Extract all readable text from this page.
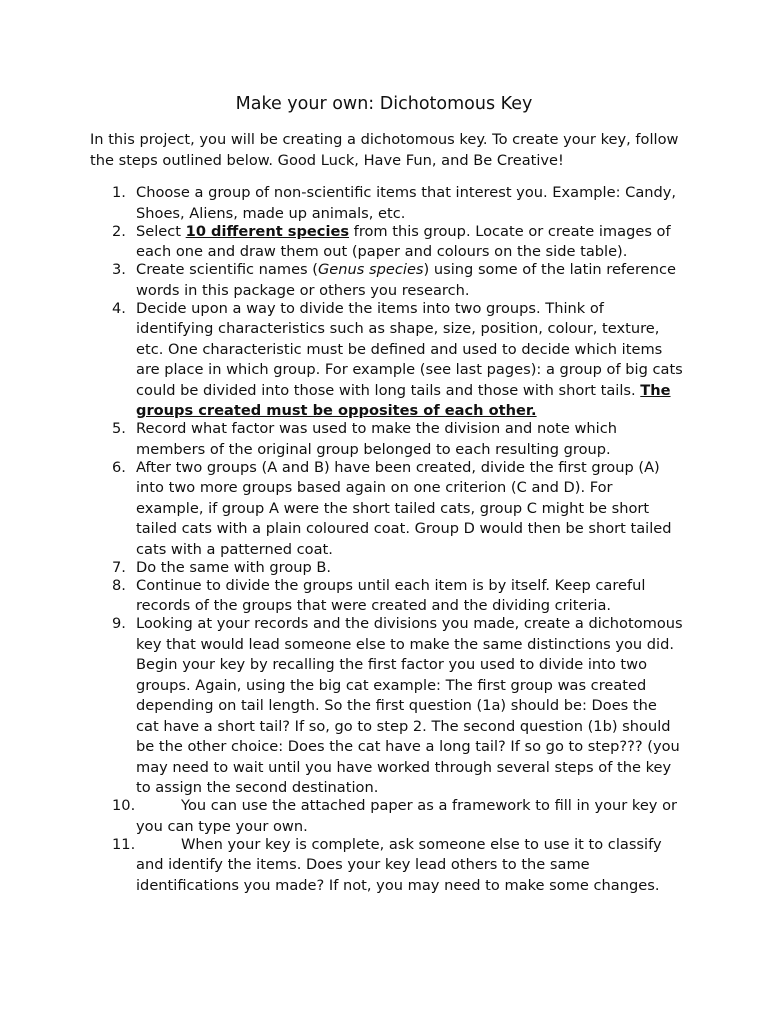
Make your own: Dichotomous Key

In this project, you will be creating a dichotomous key. To create your key, follow the steps outlined below. Good Luck, Have Fun, and Be Creative!

1. Choose a group of non-scientific items that interest you. Example: Candy, Shoes, Aliens, made up animals, etc.
2. Select 10 different species from this group. Locate or create images of each one and draw them out (paper and colours on the side table).
3. Create scientific names (Genus species) using some of the latin reference words in this package or others you research.
4. Decide upon a way to divide the items into two groups. Think of identifying characteristics such as shape, size, position, colour, texture, etc. One characteristic must be defined and used to decide which items are place in which group. For example (see last pages): a group of big cats could be divided into those with long tails and those with short tails. The groups created must be opposites of each other.
5. Record what factor was used to make the division and note which members of the original group belonged to each resulting group.
6. After two groups (A and B) have been created, divide the first group (A) into two more groups based again on one criterion (C and D). For example, if group A were the short tailed cats, group C might be short tailed cats with a plain coloured coat. Group D would then be short tailed cats with a patterned coat.
7. Do the same with group B.
8. Continue to divide the groups until each item is by itself. Keep careful records of the groups that were created and the dividing criteria.
9. Looking at your records and the divisions you made, create a dichotomous key that would lead someone else to make the same distinctions you did. Begin your key by recalling the first factor you used to divide into two groups. Again, using the big cat example: The first group was created depending on tail length. So the first question (1a) should be: Does the cat have a short tail? If so, go to step 2. The second question (1b) should be the other choice: Does the cat have a long tail? If so go to step??? (you may need to wait until you have worked through several steps of the key to assign the second destination.
10.	You can use the attached paper as a framework to fill in your key or you can type your own.
11.	When your key is complete, ask someone else to use it to classify and identify the items. Does your key lead others to the same identifications you made? If not, you may need to make some changes.
